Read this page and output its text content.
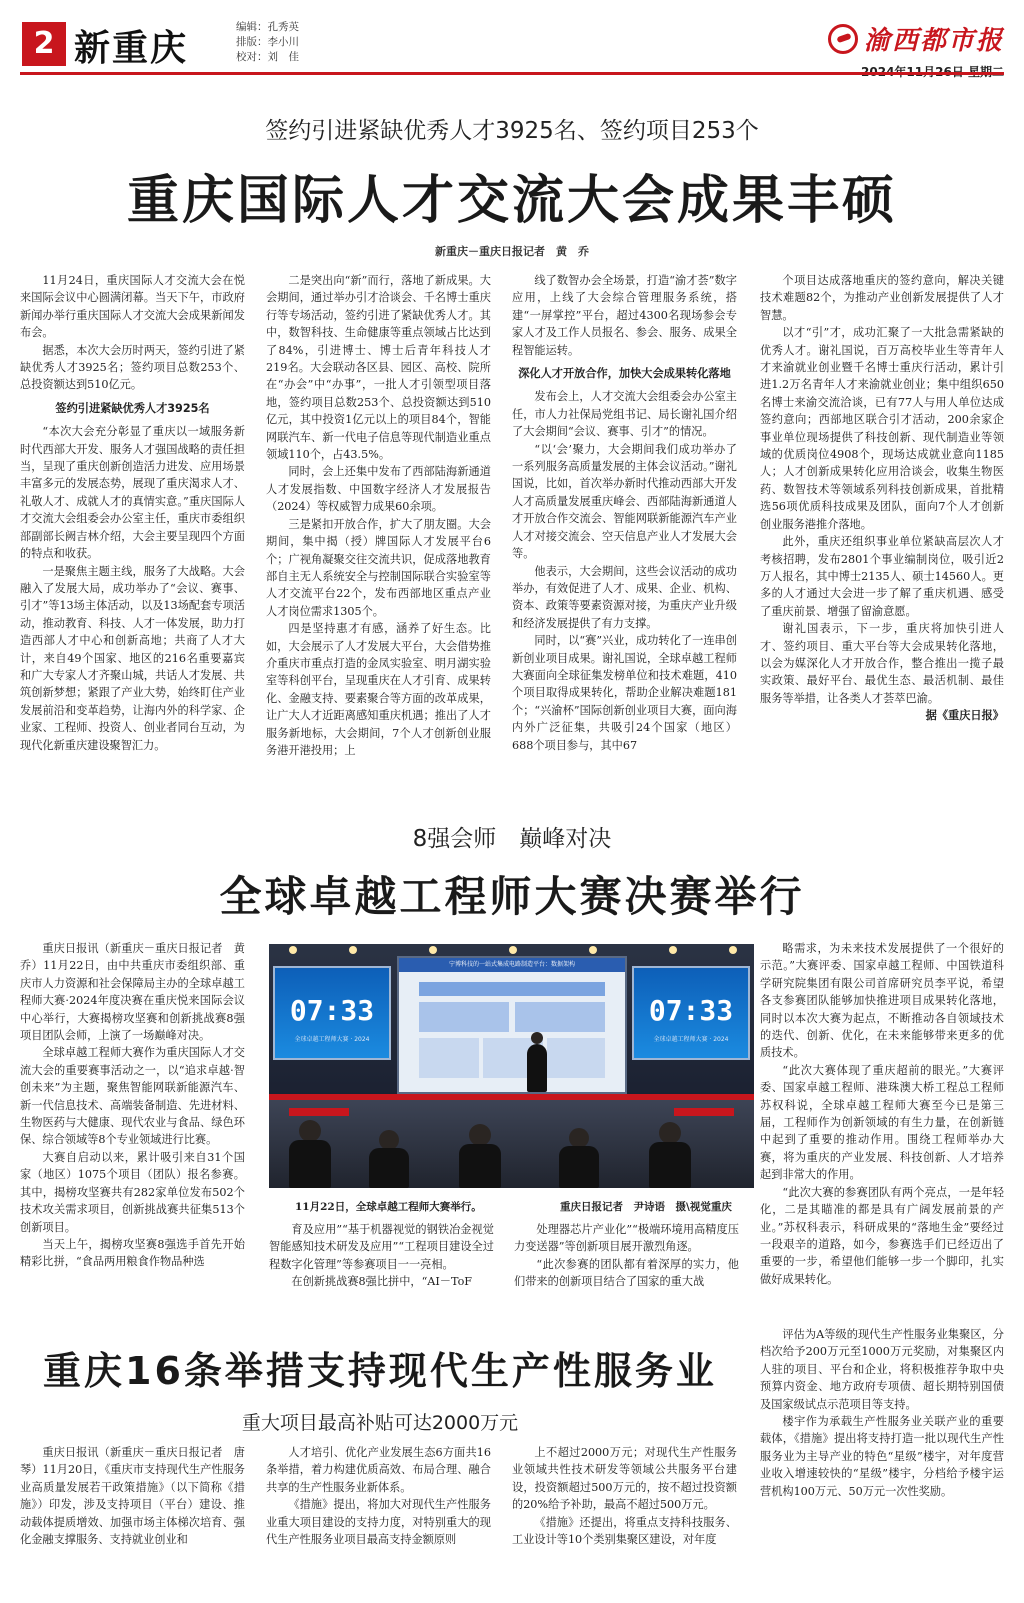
2 新重庆	编辑：孔秀英
排版：李小川
校对：刘　佳
渝西都市报
签约引进紧缺优秀人才3925名、签约项目253个
重庆国际人才交流大会成果丰硕
新重庆－重庆日报记者　黄　乔

11月24日，重庆国际人才交流大会在悦来国际会议中心圆满闭幕。当天下午，市政府新闻办举行重庆国际人才交流大会成果新闻发布会。

据悉，本次大会历时两天，签约引进了紧缺优秀人才3925名；签约项目总数253个、总投资额达到510亿元。

签约引进紧缺优秀人才3925名

“本次大会充分彰显了重庆以一域服务新时代西部大开发、服务人才强国战略的责任担当，呈现了重庆创新创造活力进发、应用场景丰富多元的发展态势，展现了重庆渴求人才、礼敬人才、成就人才的真情实意。”重庆国际人才交流大会组委会办公室主任，重庆市委组织部副部长阙吉林介绍，大会主要呈现四个方面的特点和收获。

一是聚焦主题主线，服务了大战略。大会融入了发展大局，成功举办了“会议、赛事、引才”等13场主体活动，以及13场配套专项活动，推动教育、科技、人才一体发展，助力打造西部人才中心和创新高地；共商了人才大计，来自49个国家、地区的216名重要嘉宾和广大专家人才齐聚山城，共话人才发展、共筑创新梦想；紧跟了产业大势，始终盯住产业发展前沿和变革趋势，让海内外的科学家、企业家、工程师、投资人、创业者同台互动，为现代化新重庆建设聚智汇力。

二是突出向“新”而行，落地了新成果。大会期间，通过举办引才洽谈会、千名博士重庆行等专场活动，签约引进了紧缺优秀人才。其中，数智科技、生命健康等重点领域占比达到了84%，引进博士、博士后青年科技人才219名。大会联动各区县、园区、高校、院所在“办会”中“办事”，一批人才引领型项目落地，签约项目总数253个、总投资额达到510亿元，其中投资1亿元以上的项目84个，智能网联汽车、新一代电子信息等现代制造业重点领域110个，占43.5%。

同时，会上还集中发布了西部陆海新通道人才发展指数、中国数字经济人才发展报告（2024）等权威智力成果60余项。

三是紧扣开放合作，扩大了朋友圈。大会期间，集中揭（授）牌国际人才发展平台6个；广视角凝聚交往交流共识，促成落地教育部自主无人系统安全与控制国际联合实验室等人才交流平台22个，发布西部地区重点产业人才岗位需求1305个。

四是坚持惠才有感，涵养了好生态。比如，大会展示了人才发展大平台，大会借势推介重庆市重点打造的金凤实验室、明月湖实验室等科创平台，呈现重庆在人才引育、成果转化、金融支持、要素聚合等方面的改革成果，让广大人才近距离感知重庆机遇；推出了人才服务新地标，大会期间，7个人才创新创业服务港开港投用；上

线了数智办会全场景，打造“渝才荟”数字应用，上线了大会综合管理服务系统，搭建“一屏掌控”平台，超过4300名现场参会专家人才及工作人员报名、参会、服务、成果全程智能运转。

深化人才开放合作，加快大会成果转化落地

发布会上，人才交流大会组委会办公室主任，市人力社保局党组书记、局长谢礼国介绍了大会期间“会议、赛事、引才”的情况。

“以‘会’聚力，大会期间我们成功举办了一系列服务高质量发展的主体会议活动。”谢礼国说，比如，首次举办新时代推动西部大开发人才高质量发展重庆峰会、西部陆海新通道人才开放合作交流会、智能网联新能源汽车产业人才对接交流会、空天信息产业人才发展大会等。

他表示，大会期间，这些会议活动的成功举办，有效促进了人才、成果、企业、机构、资本、政策等要素资源对接，为重庆产业升级和经济发展提供了有力支撑。

同时，以“赛”兴业，成功转化了一连串创新创业项目成果。谢礼国说，全球卓越工程师大赛面向全球征集发榜单位和技术难题，410个项目取得成果转化，帮助企业解决难题181个；“兴渝杯”国际创新创业项目大赛，面向海内外广泛征集，共吸引24个国家（地区）688个项目参与，其中67

个项目达成落地重庆的签约意向，解决关键技术难题82个，为推动产业创新发展提供了人才智慧。

以才“引”才，成功汇聚了一大批急需紧缺的优秀人才。谢礼国说，百万高校毕业生等青年人才来渝就业创业暨千名博士重庆行活动，累计引进1.2万名青年人才来渝就业创业；集中组织650名博士来渝交流洽谈，已有77人与用人单位达成签约意向；西部地区联合引才活动，200余家企事业单位现场提供了科技创新、现代制造业等领域的优质岗位4908个，现场达成就业意向1185人；人才创新成果转化应用洽谈会，收集生物医药、数智技术等领域系列科技创新成果，首批精选56项优质科技成果及团队，面向7个人才创新创业服务港推介落地。

此外，重庆还组织事业单位紧缺高层次人才考核招聘，发布2801个事业编制岗位，吸引近2万人报名，其中博士2135人、硕士14560人。更多的人才通过大会进一步了解了重庆机遇、感受了重庆前景、增强了留渝意愿。

谢礼国表示，下一步，重庆将加快引进人才、签约项目、重大平台等大会成果转化落地，以会为媒深化人才开放合作，整合推出一揽子最实政策、最好平台、最优生态、最活机制、最佳服务等举措，让各类人才荟萃巴渝。

据《重庆日报》

8强会师　巅峰对决
全球卓越工程师大赛决赛举行

重庆日报讯（新重庆－重庆日报记者　黄　乔）11月22日，由中共重庆市委组织部、重庆市人力资源和社会保障局主办的全球卓越工程师大赛·2024年度决赛在重庆悦来国际会议中心举行，大赛揭榜攻坚赛和创新挑战赛8强项目团队会师，上演了一场巅峰对决。

全球卓越工程师大赛作为重庆国际人才交流大会的重要赛事活动之一，以“追求卓越·智创未来”为主题，聚焦智能网联新能源汽车、新一代信息技术、高端装备制造、先进材料、生物医药与大健康、现代农业与食品、绿色环保、综合领域等8个专业领域进行比赛。

大赛自启动以来，累计吸引来自31个国家（地区）1075个项目（团队）报名参赛。其中，揭榜攻坚赛共有282家单位发布502个技术攻关需求项目，创新挑战赛共征集513个创新项目。

当天上午，揭榜攻坚赛8强选手首先开始精彩比拼，“食品两用粮食作物品种选

07:33
全球卓越工程师大赛 · 2024
宁博科技的一站式集成电路制造平台：数据架构
07:33
全球卓越工程师大赛 · 2024
11月22日，全球卓越工程师大赛举行。	重庆日报记者　尹诗语　摄\视觉重庆

育及应用”“基于机器视觉的钢铁冶金视觉智能感知技术研发及应用”“工程项目建设全过程数字化管理”等参赛项目一一亮相。

在创新挑战赛8强比拼中，“AI－ToF

处理器芯片产业化”“极端环境用高精度压力变送器”等创新项目展开激烈角逐。

“此次参赛的团队都有着深厚的实力，他们带来的创新项目结合了国家的重大战

略需求，为未来技术发展提供了一个很好的示范。”大赛评委、国家卓越工程师、中国铁道科学研究院集团有限公司首席研究员李平说，希望各支参赛团队能够加快推进项目成果转化落地，同时以本次大赛为起点，不断推动各自领域技术的迭代、创新、优化，在未来能够带来更多的优质技术。

“此次大赛体现了重庆超前的眼光。”大赛评委、国家卓越工程师、港珠澳大桥工程总工程师苏权科说，全球卓越工程师大赛至今已是第三届，工程师作为创新领域的有生力量，在创新链中起到了重要的推动作用。围绕工程师举办大赛，将为重庆的产业发展、科技创新、人才培养起到非常大的作用。

“此次大赛的参赛团队有两个亮点，一是年轻化，二是其瞄准的都是具有广阔发展前景的产业。”苏权科表示，科研成果的“落地生金”要经过一段艰辛的道路，如今，参赛选手们已经迈出了重要的一步，希望他们能够一步一个脚印，扎实做好成果转化。

重庆16条举措支持现代生产性服务业
重大项目最高补贴可达2000万元

重庆日报讯（新重庆－重庆日报记者　唐　琴）11月20日，《重庆市支持现代生产性服务业高质量发展若干政策措施》（以下简称《措施》）印发，涉及支持项目（平台）建设、推动载体提质增效、加强市场主体梯次培育、强化金融支撑服务、支持就业创业和

人才培引、优化产业发展生态6方面共16条举措，着力构建优质高效、布局合理、融合共享的生产性服务业新体系。

《措施》提出，将加大对现代生产性服务业重大项目建设的支持力度，对特别重大的现代生产性服务业项目最高支持金额原则

上不超过2000万元；对现代生产性服务业领域共性技术研发等领域公共服务平台建设，投资额超过500万元的，按不超过投资额的20%给予补助，最高不超过500万元。

《措施》还提出，将重点支持科技服务、工业设计等10个类别集聚区建设，对年度

评估为A等级的现代生产性服务业集聚区，分档次给予200万元至1000万元奖励，对集聚区内人驻的项目、平台和企业，将积极推荐争取中央预算内资金、地方政府专项债、超长期特别国债及国家级试点示范项目等支持。

楼宇作为承载生产性服务业关联产业的重要载体，《措施》提出将支持打造一批以现代生产性服务业为主导产业的特色“星级”楼宇，对年度营业收入增速较快的“星级”楼宇，分档给予楼宇运营机构100万元、50万元一次性奖励。
